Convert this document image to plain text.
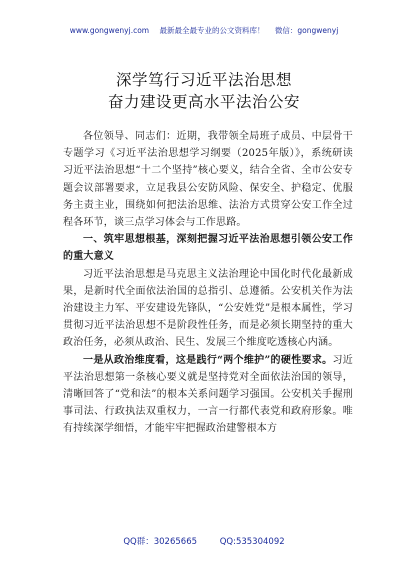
www.gongwenyj.com 最新最全最专业的公文资料库！ 微信：gongwenyj
深学笃行习近平法治思想
奋力建设更高水平法治公安

各位领导、同志们：近期，我带领全局班子成员、中层骨干专题学习《习近平法治思想学习纲要（2025年版）》，系统研读习近平法治思想“十二个坚持”核心要义，结合全省、全市公安专题会议部署要求，立足我县公安防风险、保安全、护稳定、优服务主责主业，围绕如何把法治思维、法治方式贯穿公安工作全过程各环节，谈三点学习体会与工作思路。

一、筑牢思想根基，深刻把握习近平法治思想引领公安工作的重大意义

习近平法治思想是马克思主义法治理论中国化时代化最新成果，是新时代全面依法治国的总指引、总遵循。公安机关作为法治建设主力军、平安建设先锋队，“公安姓党”是根本属性，学习贯彻习近平法治思想不是阶段性任务，而是必须长期坚持的重大政治任务，必须从政治、民生、发展三个维度吃透核心内涵。

一是从政治维度看，这是践行“两个维护”的硬性要求。习近平法治思想第一条核心要义就是坚持党对全面依法治国的领导，清晰回答了“党和法”的根本关系问题学习强国。公安机关手握刑事司法、行政执法双重权力，一言一行都代表党和政府形象。唯有持续深学细悟，才能牢牢把握政治建警根本方

QQ群：30265665	QQ:535304092
